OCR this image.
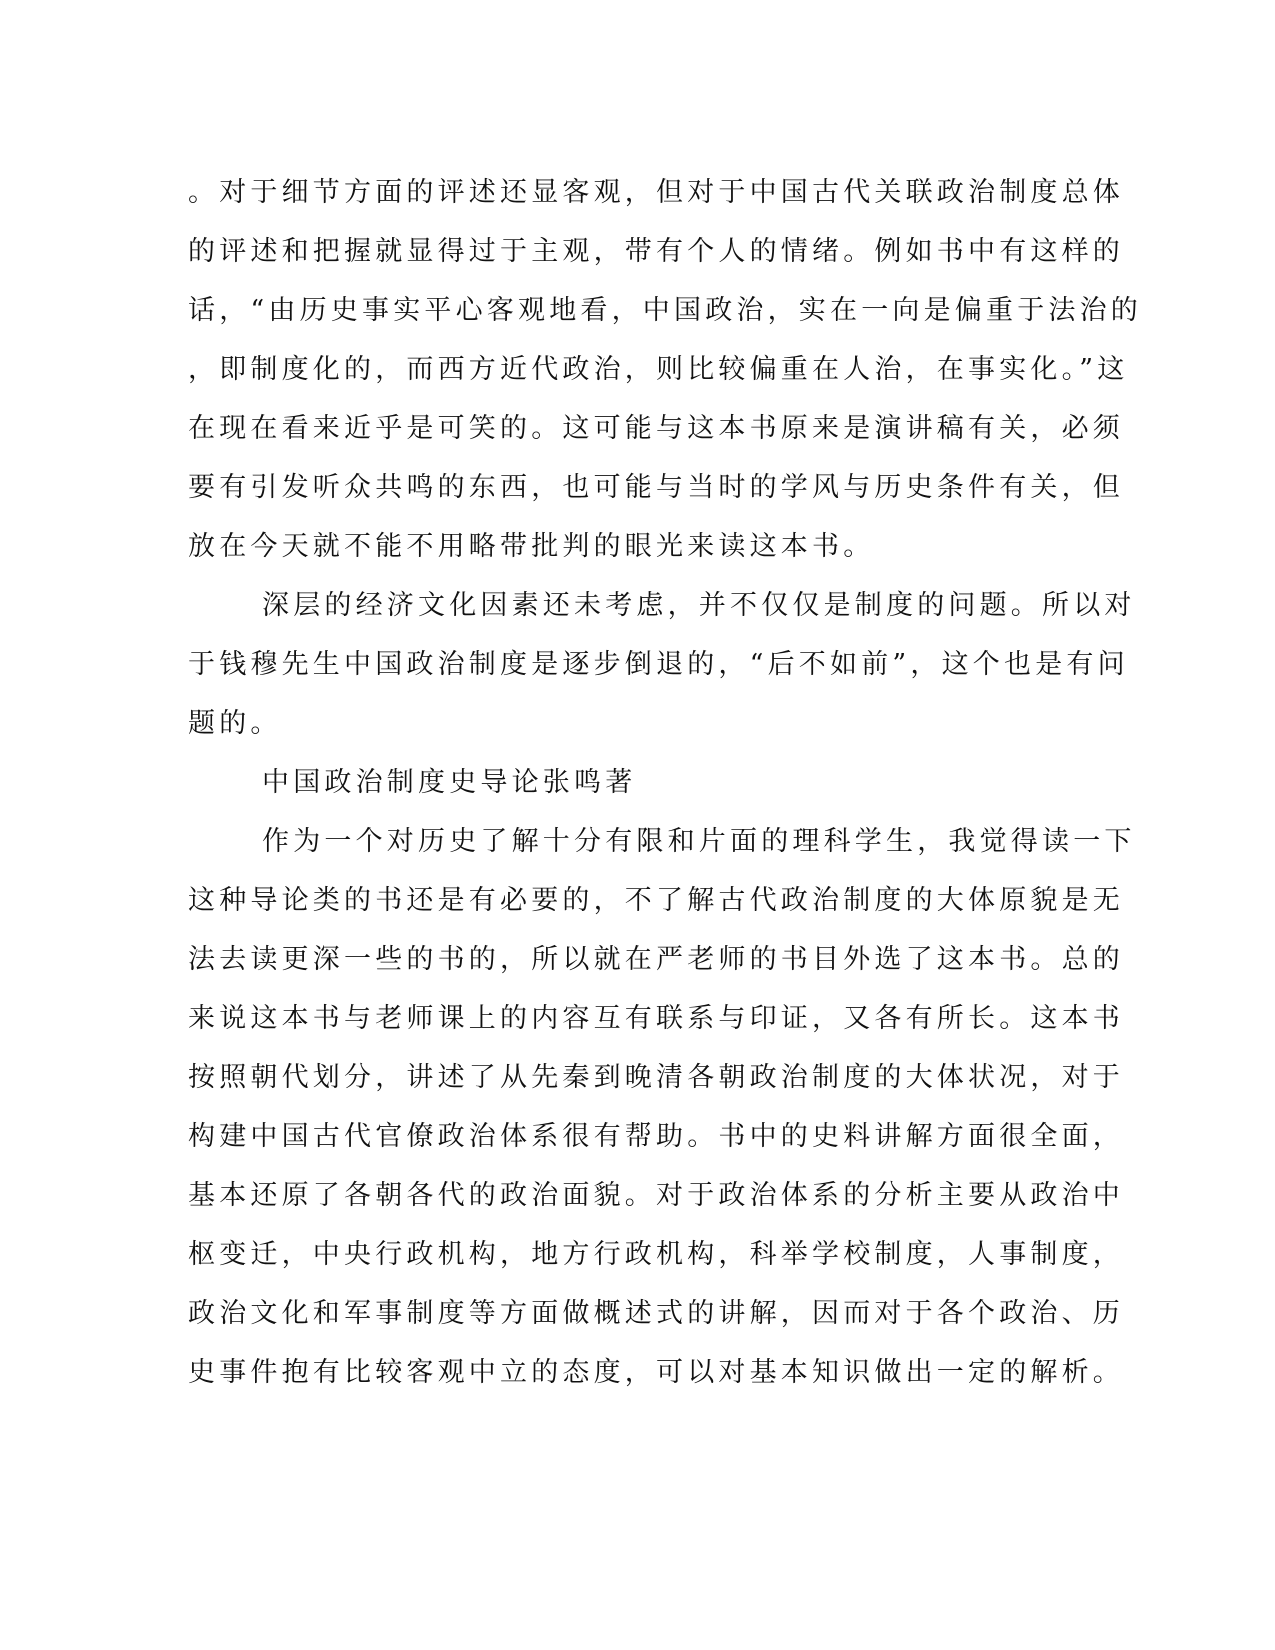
。对于细节方面的评述还显客观，但对于中国古代关联政治制度总体
的评述和把握就显得过于主观，带有个人的情绪。例如书中有这样的
话，“由历史事实平心客观地看，中国政治，实在一向是偏重于法治的
，即制度化的，而西方近代政治，则比较偏重在人治，在事实化。”这
在现在看来近乎是可笑的。这可能与这本书原来是演讲稿有关，必须
要有引发听众共鸣的东西，也可能与当时的学风与历史条件有关，但
放在今天就不能不用略带批判的眼光来读这本书。
深层的经济文化因素还未考虑，并不仅仅是制度的问题。所以对
于钱穆先生中国政治制度是逐步倒退的，“后不如前”，这个也是有问
题的。
中国政治制度史导论张鸣著
作为一个对历史了解十分有限和片面的理科学生，我觉得读一下
这种导论类的书还是有必要的，不了解古代政治制度的大体原貌是无
法去读更深一些的书的，所以就在严老师的书目外选了这本书。总的
来说这本书与老师课上的内容互有联系与印证，又各有所长。这本书
按照朝代划分，讲述了从先秦到晚清各朝政治制度的大体状况，对于
构建中国古代官僚政治体系很有帮助。书中的史料讲解方面很全面，
基本还原了各朝各代的政治面貌。对于政治体系的分析主要从政治中
枢变迁，中央行政机构，地方行政机构，科举学校制度，人事制度，
政治文化和军事制度等方面做概述式的讲解，因而对于各个政治、历
史事件抱有比较客观中立的态度，可以对基本知识做出一定的解析。
